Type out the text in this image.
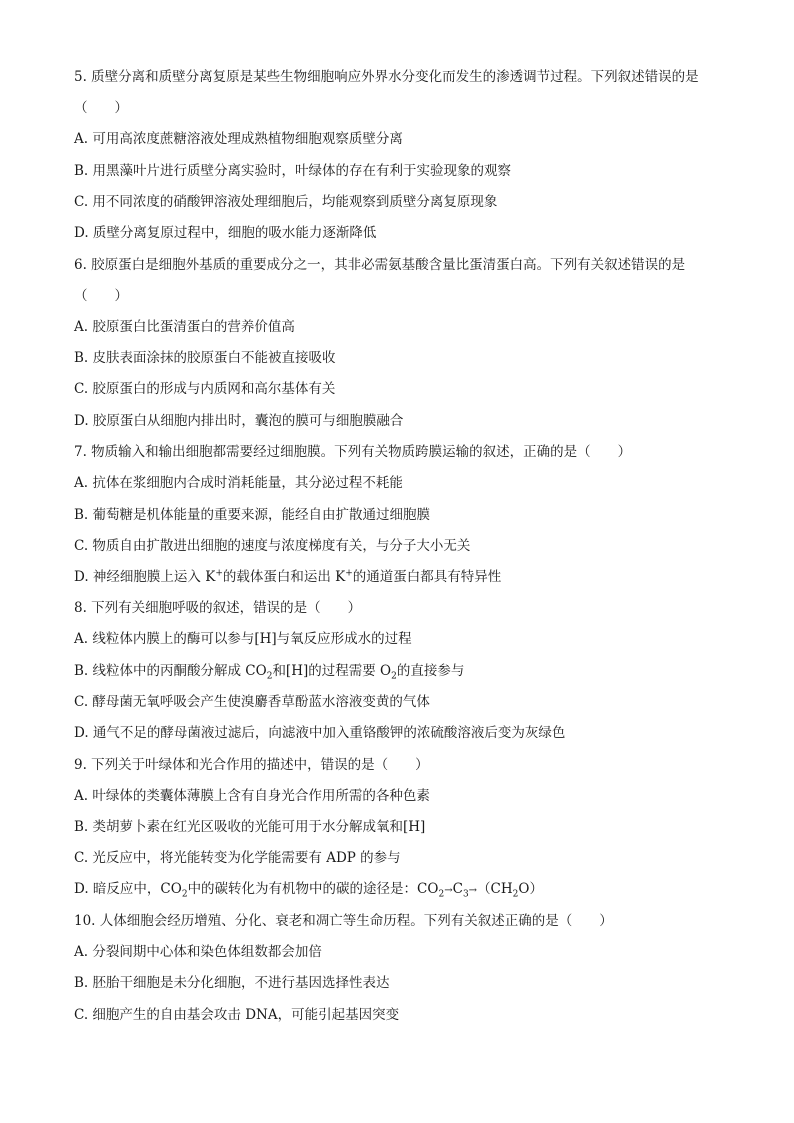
5. 质壁分离和质壁分离复原是某些生物细胞响应外界水分变化而发生的渗透调节过程。下列叙述错误的是
（　　）
A. 可用高浓度蔗糖溶液处理成熟植物细胞观察质壁分离
B. 用黑藻叶片进行质壁分离实验时，叶绿体的存在有利于实验现象的观察
C. 用不同浓度的硝酸钾溶液处理细胞后，均能观察到质壁分离复原现象
D. 质壁分离复原过程中，细胞的吸水能力逐渐降低
6. 胶原蛋白是细胞外基质的重要成分之一，其非必需氨基酸含量比蛋清蛋白高。下列有关叙述错误的是
（　　）
A. 胶原蛋白比蛋清蛋白的营养价值高
B. 皮肤表面涂抹的胶原蛋白不能被直接吸收
C. 胶原蛋白的形成与内质网和高尔基体有关
D. 胶原蛋白从细胞内排出时，囊泡的膜可与细胞膜融合
7. 物质输入和输出细胞都需要经过细胞膜。下列有关物质跨膜运输的叙述，正确的是（　　）
A. 抗体在浆细胞内合成时消耗能量，其分泌过程不耗能
B. 葡萄糖是机体能量的重要来源，能经自由扩散通过细胞膜
C. 物质自由扩散进出细胞的速度与浓度梯度有关，与分子大小无关
D. 神经细胞膜上运入 K+的载体蛋白和运出 K+的通道蛋白都具有特异性
8. 下列有关细胞呼吸的叙述，错误的是（　　）
A. 线粒体内膜上的酶可以参与[H]与氧反应形成水的过程
B. 线粒体中的丙酮酸分解成 $CO_2$和[H]的过程需要 $O_2$的直接参与
C. 酵母菌无氧呼吸会产生使溴麝香草酚蓝水溶液变黄的气体
D. 通气不足的酵母菌液过滤后，向滤液中加入重铬酸钾的浓硫酸溶液后变为灰绿色
9. 下列关于叶绿体和光合作用的描述中，错误的是（　　）
A. 叶绿体的类囊体薄膜上含有自身光合作用所需的各种色素
B. 类胡萝卜素在红光区吸收的光能可用于水分解成氧和[H]
C. 光反应中，将光能转变为化学能需要有 ADP 的参与
D. 暗反应中，$CO_2$中的碳转化为有机物中的碳的途径是：$CO_2\to C_3\to(CH_2O)$
10. 人体细胞会经历增殖、分化、衰老和凋亡等生命历程。下列有关叙述正确的是（　　）
A. 分裂间期中心体和染色体组数都会加倍
B. 胚胎干细胞是未分化细胞，不进行基因选择性表达
C. 细胞产生的自由基会攻击 DNA，可能引起基因突变
